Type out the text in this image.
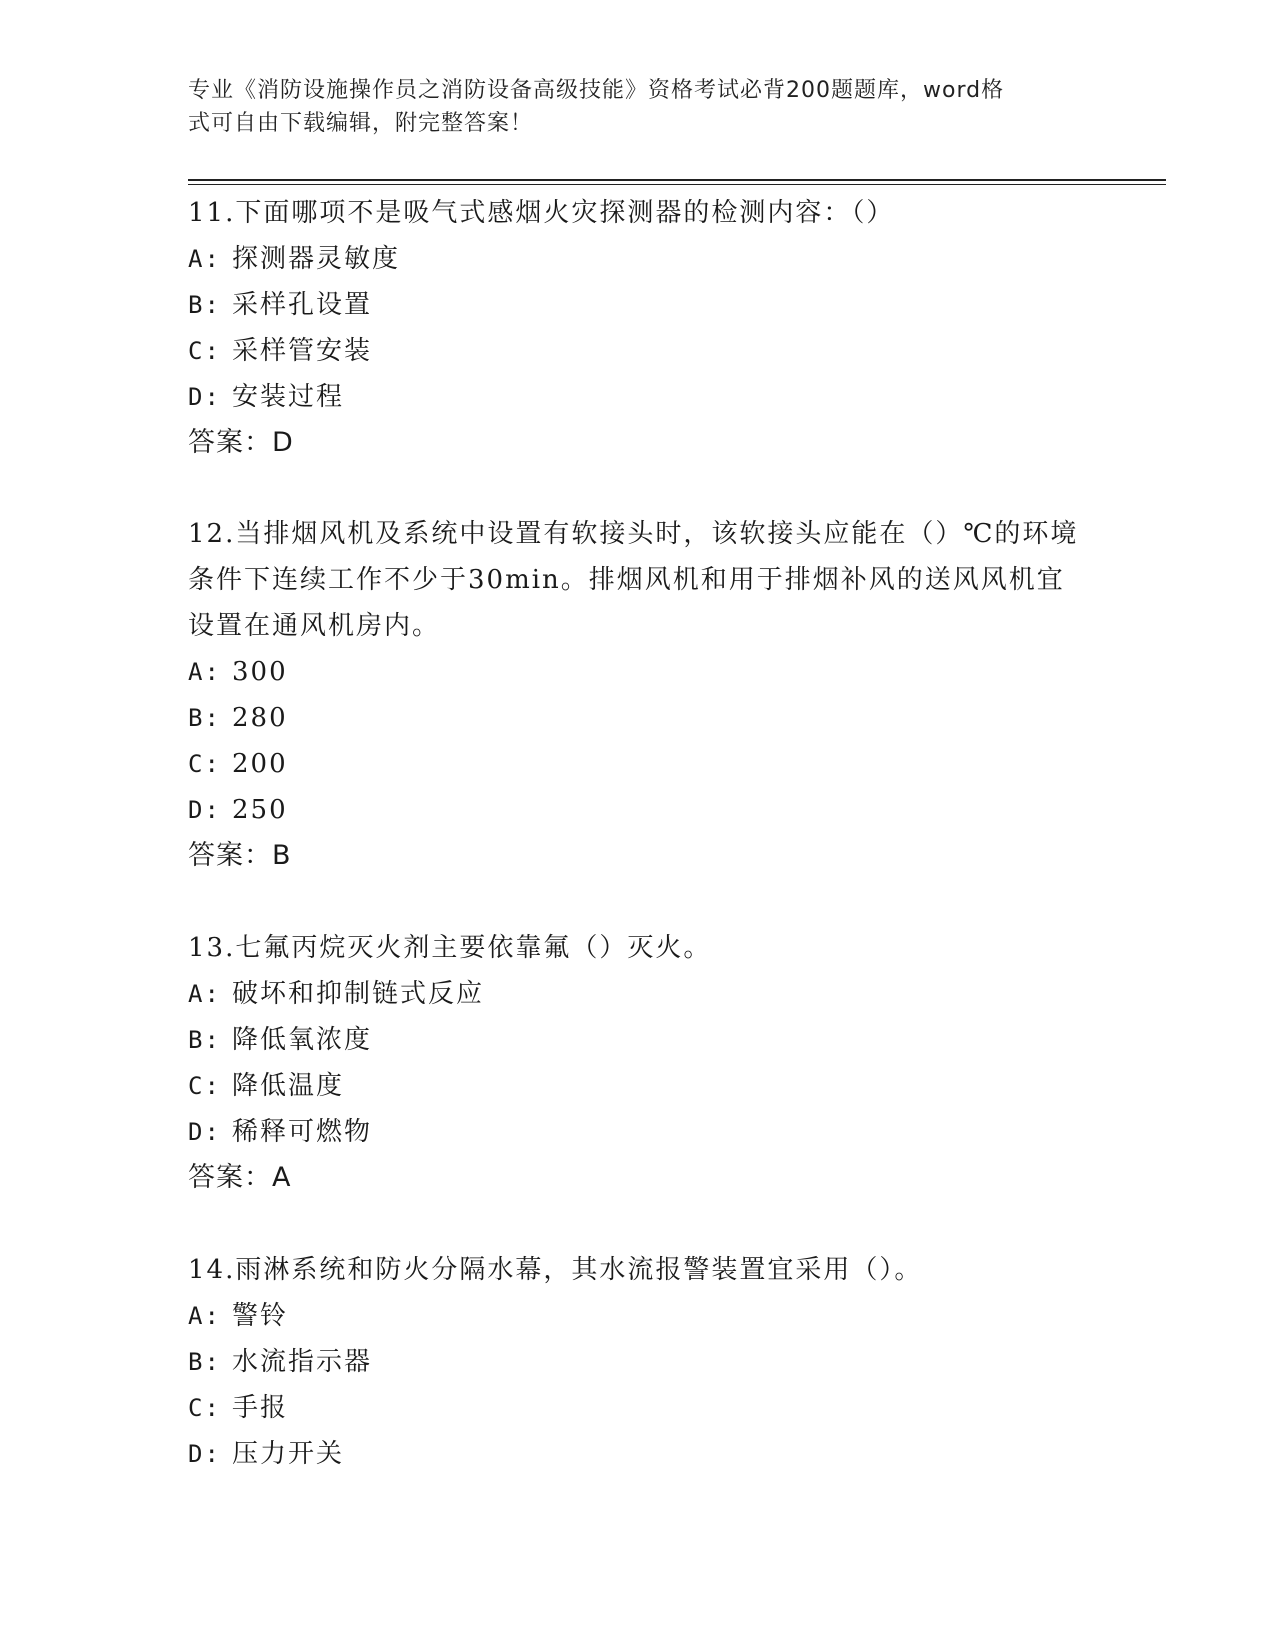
专业《消防设施操作员之消防设备高级技能》资格考试必背200题题库，word格
式可自由下载编辑，附完整答案！

11.下面哪项不是吸气式感烟火灾探测器的检测内容：（）

A: 探测器灵敏度

B: 采样孔设置

C: 采样管安装

D: 安装过程

答案：D

12.当排烟风机及系统中设置有软接头时，该软接头应能在（）℃的环境条件下连续工作不少于30min。排烟风机和用于排烟补风的送风风机宜设置在通风机房内。

A: 300

B: 280

C: 200

D: 250

答案：B

13.七氟丙烷灭火剂主要依靠氟（）灭火。

A: 破坏和抑制链式反应

B: 降低氧浓度

C: 降低温度

D: 稀释可燃物

答案：A

14.雨淋系统和防火分隔水幕，其水流报警装置宜采用（）。

A: 警铃

B: 水流指示器

C: 手报

D: 压力开关
